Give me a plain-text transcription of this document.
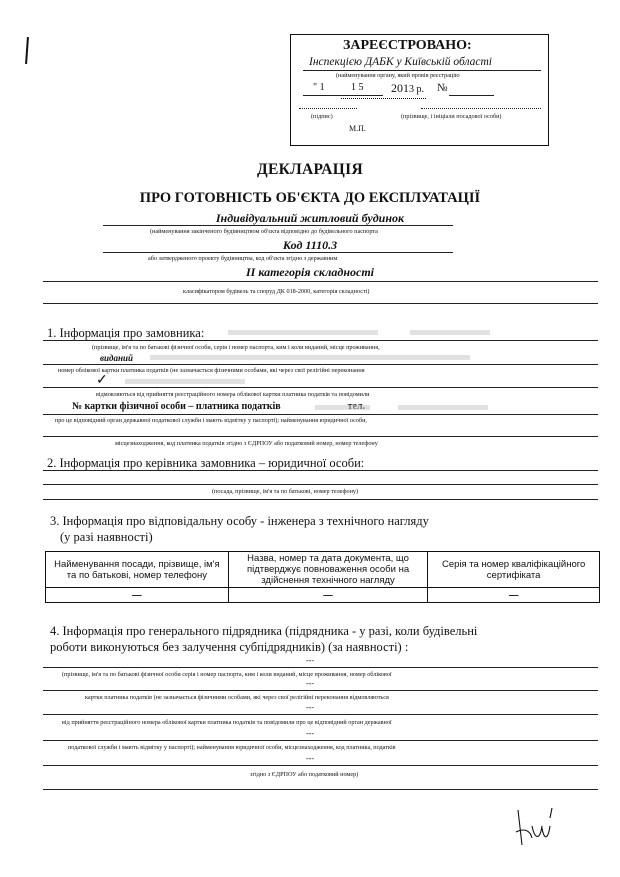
ЗАРЕЄСТРОВАНО:
Інспекцією ДАБК у Київській області
(найменування органу, який провів реєстрацію
" 1	1 5 2013 р. №
(підпис)	(прізвище, і ініціали посадової особи)
М.П.
ДЕКЛАРАЦІЯ
ПРО ГОТОВНІСТЬ ОБ'ЄКТА ДО ЕКСПЛУАТАЦІЇ
Індивідуальний житловий будинок
(найменування закінченого будівництвом об'єкта відповідно до будівельного паспорта
Код 1110.3
або затвердженого проекту будівництва, код об'єкта згідно з державним
ІІ категорія складності
класифікатором будівель та споруд ДК 018-2000, категорія складності)
1. Інформація про замовника:
(прізвище, ім'я та по батькові фізичної особи, серія і номер паспорта, ким і коли виданий, місце проживання,
виданий
номер облікової картки платника податків (не зазначається фізичними особами, які через свої релігійні переконання
✓
відмовляються від прийняття реєстраційного номера облікової картки платника податків та повідомили
№ картки фізичної особи – платника податків
про це відповідний орган державної податкової служби і мають відмітку у паспорті); найменування юридичної особи,
місцезнаходження, код платника податків згідно з ЄДРПОУ або податковий номер, номер телефону
2. Інформація про керівника замовника – юридичної особи:
(посада, прізвище, ім'я та по батькові, номер телефону)
3. Інформація про відповідальну особу - інженера з технічного нагляду
(у разі наявності)
Найменування посади, прізвище, ім'я та по батькові, номер телефону	Назва, номер та дата документа, що підтверджує повноваження особи на здійснення технічного нагляду	Серія та номер кваліфікаційного сертифіката
—	—	—
4. Інформація про генерального підрядника (підрядника - у разі, коли будівельні
роботи виконуються без залучення субпідрядників) (за наявності) :
---
(прізвище, ім'я та по батькові фізичної особи серія і номер паспорта, ким і коли виданий, місце проживання, номер облікової
---
картки платника податків (не зазначається фізичними особами, які через свої релігійні переконання відмовляються
---
від прийняття реєстраційного номера облікової картки платника податків та повідомили про це відповідний орган державної
---
податкової служби і мають відмітку у паспорті); найменування юридичної особи, місцезнаходження, код платника, податків
---
згідно з ЄДРПОУ або податковий номер)
